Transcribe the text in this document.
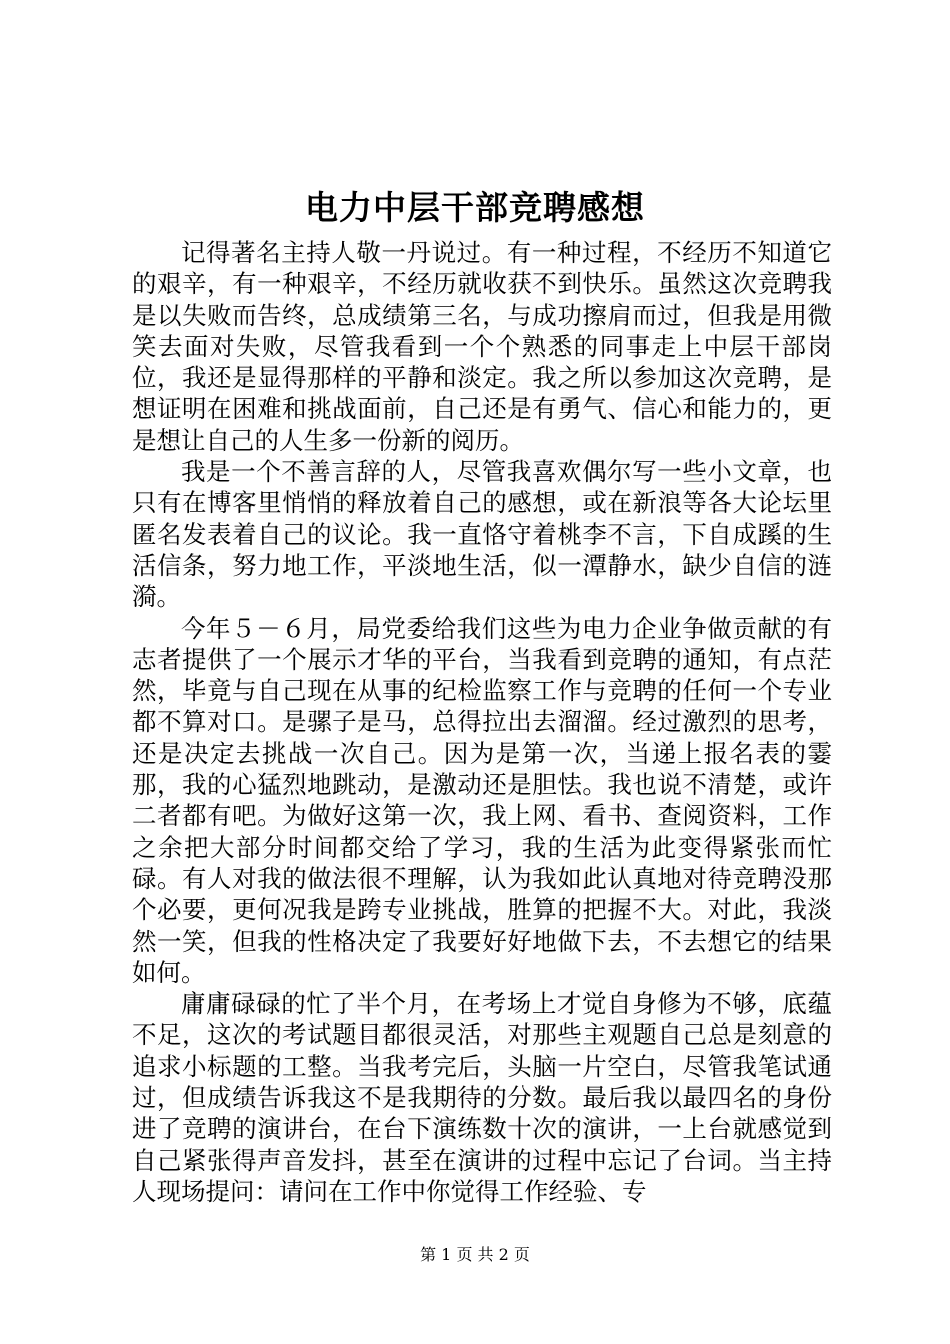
电力中层干部竞聘感想

记得著名主持人敬一丹说过。有一种过程，不经历不知道它的艰辛，有一种艰辛，不经历就收获不到快乐。虽然这次竞聘我是以失败而告终，总成绩第三名，与成功擦肩而过，但我是用微笑去面对失败，尽管我看到一个个熟悉的同事走上中层干部岗位，我还是显得那样的平静和淡定。我之所以参加这次竞聘，是想证明在困难和挑战面前，自己还是有勇气、信心和能力的，更是想让自己的人生多一份新的阅历。

我是一个不善言辞的人，尽管我喜欢偶尔写一些小文章，也只有在博客里悄悄的释放着自己的感想，或在新浪等各大论坛里匿名发表着自己的议论。我一直恪守着桃李不言，下自成蹊的生活信条，努力地工作，平淡地生活，似一潭静水，缺少自信的涟漪。

今年５－６月，局党委给我们这些为电力企业争做贡献的有志者提供了一个展示才华的平台，当我看到竞聘的通知，有点茫然，毕竟与自己现在从事的纪检监察工作与竞聘的任何一个专业都不算对口。是骡子是马，总得拉出去溜溜。经过激烈的思考，还是决定去挑战一次自己。因为是第一次，当递上报名表的霎那，我的心猛烈地跳动，是激动还是胆怯。我也说不清楚，或许二者都有吧。为做好这第一次，我上网、看书、查阅资料，工作之余把大部分时间都交给了学习，我的生活为此变得紧张而忙碌。有人对我的做法很不理解，认为我如此认真地对待竞聘没那个必要，更何况我是跨专业挑战，胜算的把握不大。对此，我淡然一笑，但我的性格决定了我要好好地做下去，不去想它的结果如何。

庸庸碌碌的忙了半个月，在考场上才觉自身修为不够，底蕴不足，这次的考试题目都很灵活，对那些主观题自己总是刻意的追求小标题的工整。当我考完后，头脑一片空白，尽管我笔试通过，但成绩告诉我这不是我期待的分数。最后我以最四名的身份进了竞聘的演讲台，在台下演练数十次的演讲，一上台就感觉到自己紧张得声音发抖，甚至在演讲的过程中忘记了台词。当主持人现场提问：请问在工作中你觉得工作经验、专

第 1 页 共 2 页
